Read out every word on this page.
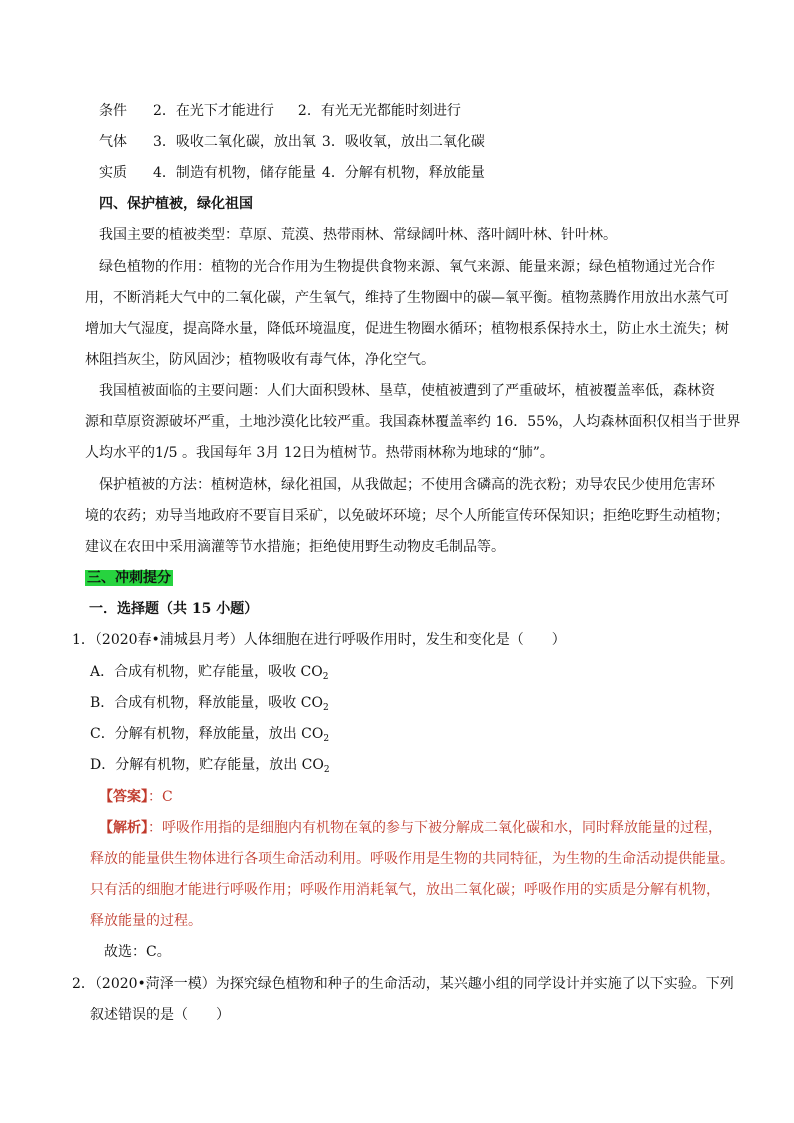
条件 2．在光下才能进行 2．有光无光都能时刻进行
气体 3．吸收二氧化碳，放出氧 3．吸收氧，放出二氧化碳
实质 4．制造有机物，储存能量 4．分解有机物，释放能量
四、保护植被，绿化祖国
我国主要的植被类型：草原、荒漠、热带雨林、常绿阔叶林、落叶阔叶林、针叶林。
绿色植物的作用：植物的光合作用为生物提供食物来源、氧气来源、能量来源；绿色植物通过光合作
用，不断消耗大气中的二氧化碳，产生氧气，维持了生物圈中的碳—氧平衡。植物蒸腾作用放出水蒸气可
增加大气湿度，提高降水量，降低环境温度，促进生物圈水循环；植物根系保持水土，防止水土流失；树
林阻挡灰尘，防风固沙；植物吸收有毒气体，净化空气。
我国植被面临的主要问题：人们大面积毁林、垦草，使植被遭到了严重破坏，植被覆盖率低，森林资
源和草原资源破坏严重，土地沙漠化比较严重。我国森林覆盖率约 16．55%，人均森林面积仅相当于世界
人均水平的1/5 。我国每年 3月 12日为植树节。热带雨林称为地球的“肺”。
保护植被的方法：植树造林，绿化祖国，从我做起；不使用含磷高的洗衣粉；劝导农民少使用危害环
境的农药；劝导当地政府不要盲目采矿，以免破坏环境；尽个人所能宣传环保知识；拒绝吃野生动植物；
建议在农田中采用滴灌等节水措施；拒绝使用野生动物皮毛制品等。
三、冲刺提分
一．选择题（共 15 小题）
1．（2020春•浦城县月考）人体细胞在进行呼吸作用时，发生和变化是（　　）
A．合成有机物，贮存能量，吸收 $CO_2$
B．合成有机物，释放能量，吸收 $CO_2$
C．分解有机物，释放能量，放出 $CO_2$
D．分解有机物，贮存能量，放出 $CO_2$
【答案】：C
【解析】：呼吸作用指的是细胞内有机物在氧的参与下被分解成二氧化碳和水，同时释放能量的过程，
释放的能量供生物体进行各项生命活动利用。呼吸作用是生物的共同特征，为生物的生命活动提供能量。
只有活的细胞才能进行呼吸作用；呼吸作用消耗氧气，放出二氧化碳；呼吸作用的实质是分解有机物，
释放能量的过程。
故选：C。
2．（2020•菏泽一模）为探究绿色植物和种子的生命活动，某兴趣小组的同学设计并实施了以下实验。下列
叙述错误的是（　　）
